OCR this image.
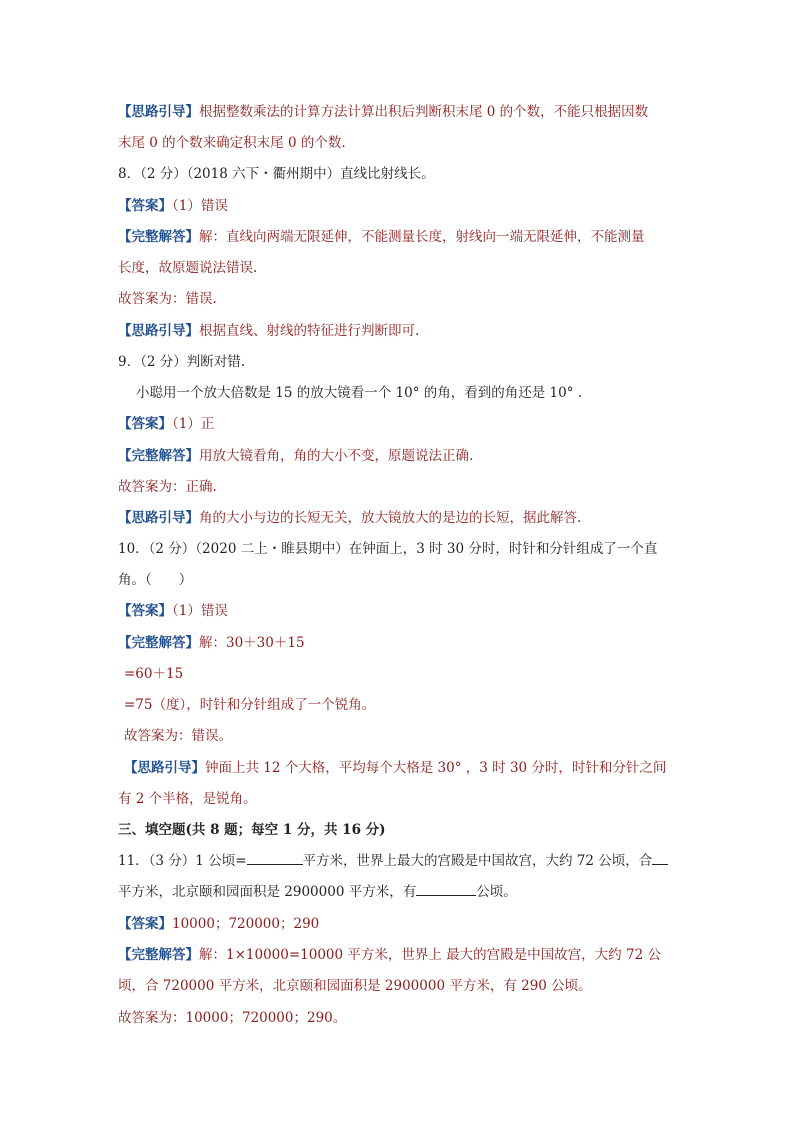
【思路引导】根据整数乘法的计算方法计算出积后判断积末尾 0 的个数，不能只根据因数
末尾 0 的个数来确定积末尾 0 的个数.
8．（2 分）（2018 六下・衢州期中）直线比射线长。
【答案】（1）错误
【完整解答】解：直线向两端无限延伸，不能测量长度，射线向一端无限延伸，不能测量
长度，故原题说法错误.
故答案为：错误.
【思路引导】根据直线、射线的特征进行判断即可.
9．（2 分）判断对错.
小聪用一个放大倍数是 15 的放大镜看一个 10° 的角，看到的角还是 10° .
【答案】（1）正
【完整解答】用放大镜看角，角的大小不变，原题说法正确.
故答案为：正确.
【思路引导】角的大小与边的长短无关，放大镜放大的是边的长短，据此解答.
10．（2 分）（2020 二上・睢县期中）在钟面上，3 时 30 分时，时针和分针组成了一个直
角。（　　）
【答案】（1）错误
【完整解答】解：30＋30＋15
=60＋15
=75（度），时针和分针组成了一个锐角。
故答案为：错误。
【思路引导】钟面上共 12 个大格，平均每个大格是 30° ，3 时 30 分时，时针和分针之间
有 2 个半格，是锐角。
三、填空题(共 8 题；每空 1 分，共 16 分)
11．（3 分）1 公顷=	平方米，世界上最大的宫殿是中国故宫，大约 72 公顷，合
平方米，北京颐和园面积是 2900000 平方米，有	公顷。
【答案】10000；720000；290
【完整解答】解：1×10000=10000 平方米，世界上 最大的宫殿是中国故宫，大约 72 公
顷，合 720000 平方米，北京颐和园面积是 2900000 平方米，有 290 公顷。
故答案为：10000；720000；290。
